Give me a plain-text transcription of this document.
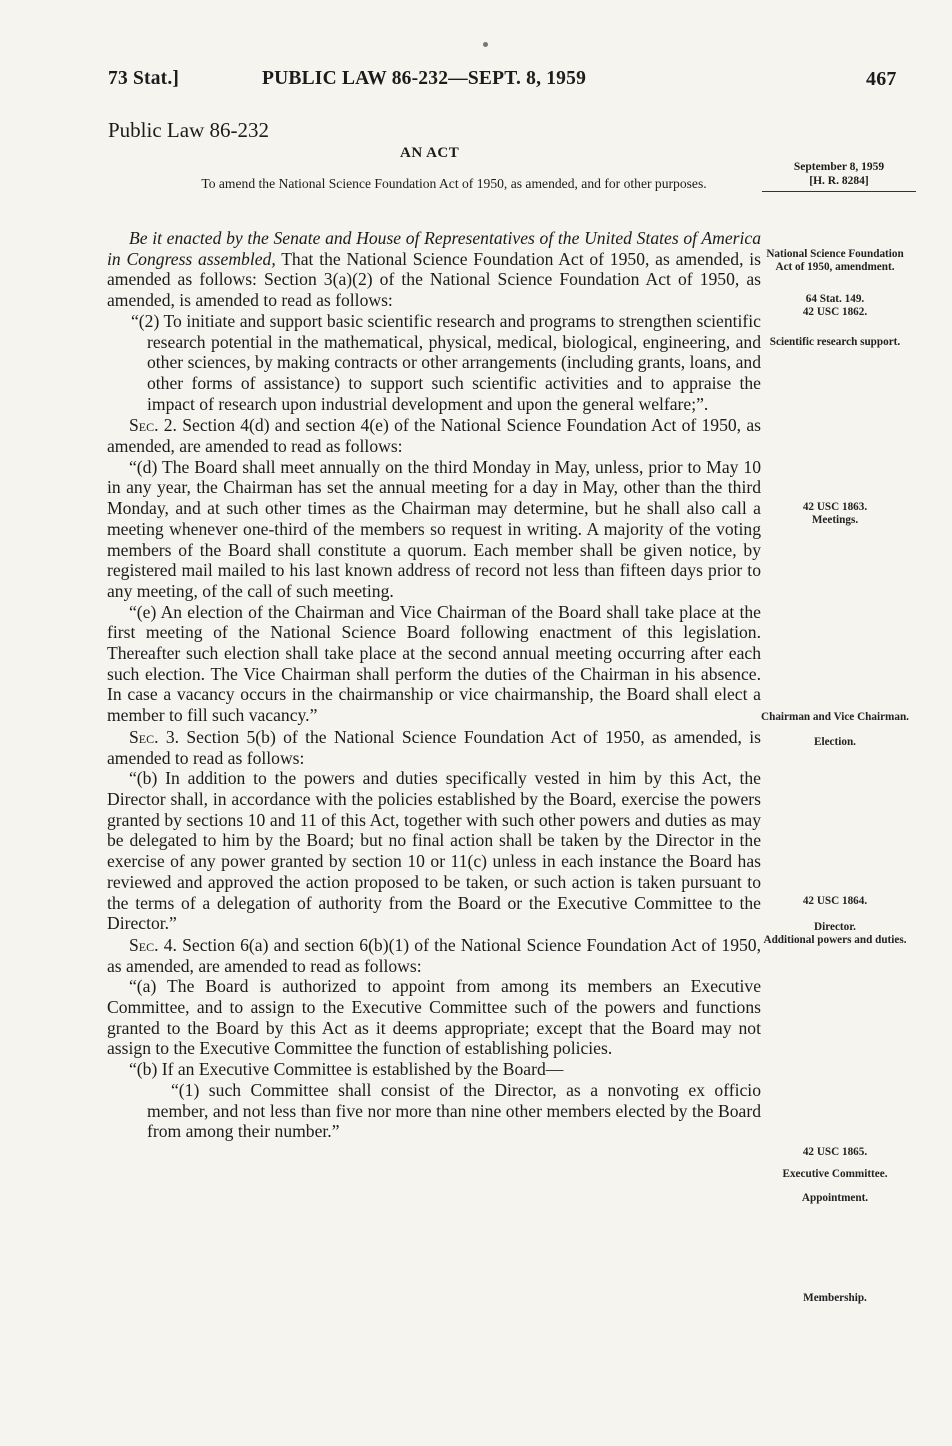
73 Stat.]	PUBLIC LAW 86-232—SEPT. 8, 1959	467
Public Law 86-232
AN ACT
To amend the National Science Foundation Act of 1950, as amended, and for other purposes.
September 8, 1959
[H. R. 8284]

Be it enacted by the Senate and House of Representatives of the United States of America in Congress assembled, That the National Science Foundation Act of 1950, as amended, is amended as follows: Section 3(a)(2) of the National Science Foundation Act of 1950, as amended, is amended to read as follows:

“(2) To initiate and support basic scientific research and programs to strengthen scientific research potential in the mathematical, physical, medical, biological, engineering, and other sciences, by making contracts or other arrangements (including grants, loans, and other forms of assistance) to support such scientific activities and to appraise the impact of research upon industrial development and upon the general welfare;”.

Sec. 2. Section 4(d) and section 4(e) of the National Science Foundation Act of 1950, as amended, are amended to read as follows:

“(d) The Board shall meet annually on the third Monday in May, unless, prior to May 10 in any year, the Chairman has set the annual meeting for a day in May, other than the third Monday, and at such other times as the Chairman may determine, but he shall also call a meeting whenever one-third of the members so request in writing. A majority of the voting members of the Board shall constitute a quorum. Each member shall be given notice, by registered mail mailed to his last known address of record not less than fifteen days prior to any meeting, of the call of such meeting.

“(e) An election of the Chairman and Vice Chairman of the Board shall take place at the first meeting of the National Science Board following enactment of this legislation. Thereafter such election shall take place at the second annual meeting occurring after each such election. The Vice Chairman shall perform the duties of the Chairman in his absence. In case a vacancy occurs in the chairmanship or vice chairmanship, the Board shall elect a member to fill such vacancy.”

Sec. 3. Section 5(b) of the National Science Foundation Act of 1950, as amended, is amended to read as follows:

“(b) In addition to the powers and duties specifically vested in him by this Act, the Director shall, in accordance with the policies established by the Board, exercise the powers granted by sections 10 and 11 of this Act, together with such other powers and duties as may be delegated to him by the Board; but no final action shall be taken by the Director in the exercise of any power granted by section 10 or 11(c) unless in each instance the Board has reviewed and approved the action proposed to be taken, or such action is taken pursuant to the terms of a delegation of authority from the Board or the Executive Committee to the Director.”

Sec. 4. Section 6(a) and section 6(b)(1) of the National Science Foundation Act of 1950, as amended, are amended to read as follows:

“(a) The Board is authorized to appoint from among its members an Executive Committee, and to assign to the Executive Committee such of the powers and functions granted to the Board by this Act as it deems appropriate; except that the Board may not assign to the Executive Committee the function of establishing policies.

“(b) If an Executive Committee is established by the Board—

“(1) such Committee shall consist of the Director, as a nonvoting ex officio member, and not less than five nor more than nine other members elected by the Board from among their number.”

National Science Foundation Act of 1950, amendment.
64 Stat. 149.
42 USC 1862.
Scientific research support.
42 USC 1863.
Meetings.
Chairman and Vice Chairman.
Election.
42 USC 1864.
Director.
Additional powers and duties.
42 USC 1865.
Executive Committee.
Appointment.
Membership.
